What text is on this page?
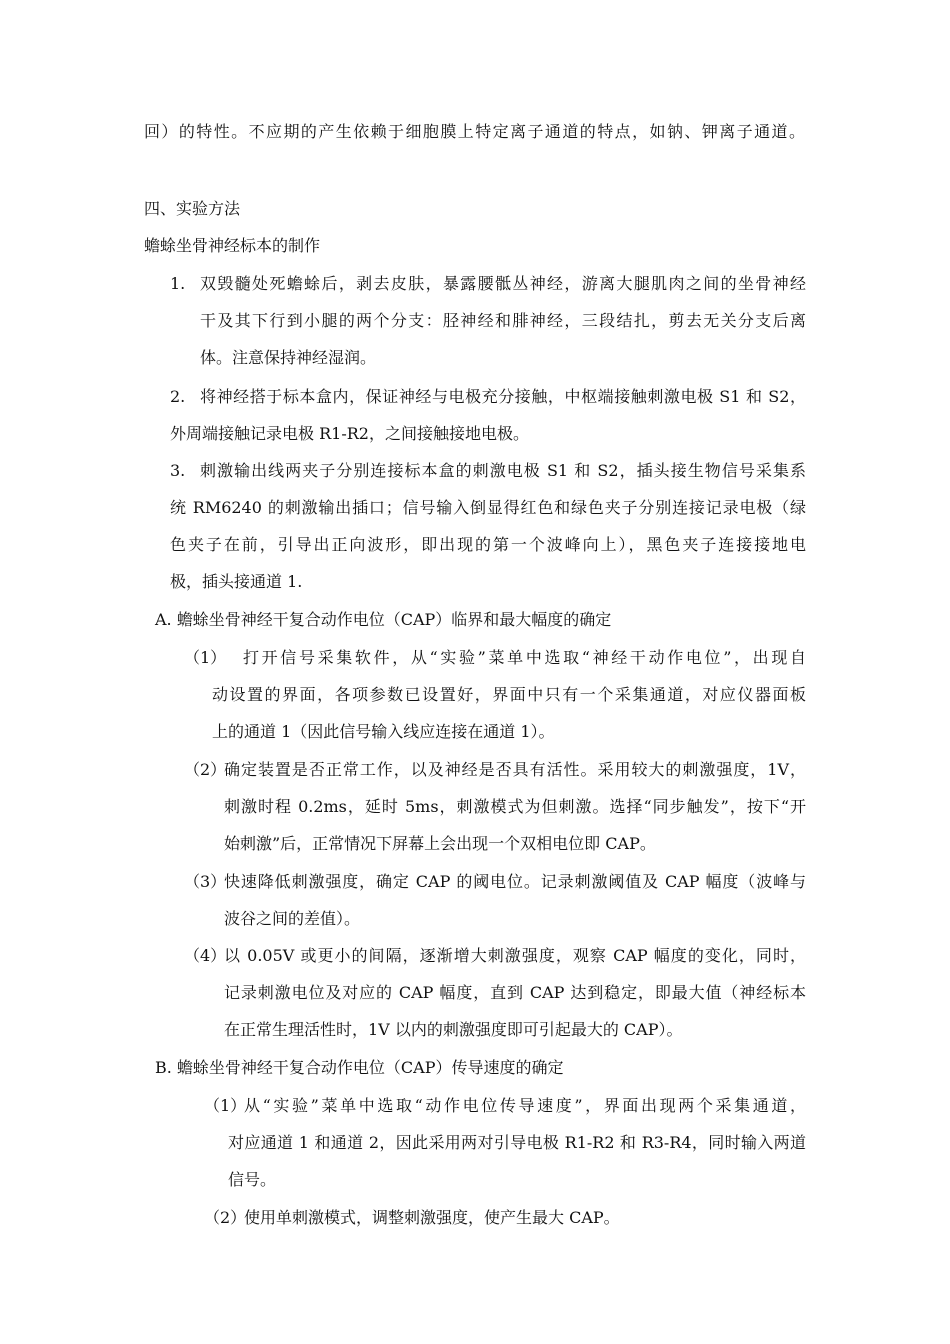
回）的特性。不应期的产生依赖于细胞膜上特定离子通道的特点，如钠、钾离子通道。
四、实验方法
蟾蜍坐骨神经标本的制作
1. 双毁髓处死蟾蜍后，剥去皮肤，暴露腰骶丛神经，游离大腿肌肉之间的坐骨神经
干及其下行到小腿的两个分支：胫神经和腓神经，三段结扎，剪去无关分支后离
体。注意保持神经湿润。
2. 将神经搭于标本盒内，保证神经与电极充分接触，中枢端接触刺激电极 S1 和 S2，
外周端接触记录电极 R1-R2，之间接触接地电极。
3. 刺激输出线两夹子分别连接标本盒的刺激电极 S1 和 S2，插头接生物信号采集系
统 RM6240 的刺激输出插口；信号输入倒显得红色和绿色夹子分别连接记录电极（绿
色夹子在前，引导出正向波形，即出现的第一个波峰向上），黑色夹子连接接地电
极，插头接通道 1.
A. 蟾蜍坐骨神经干复合动作电位（CAP）临界和最大幅度的确定
（1） 打开信号采集软件，从“实验”菜单中选取“神经干动作电位”，出现自
动设置的界面，各项参数已设置好，界面中只有一个采集通道，对应仪器面板
上的通道 1（因此信号输入线应连接在通道 1）。
（2）
确定装置是否正常工作，以及神经是否具有活性。采用较大的刺激强度，1V，
刺激时程 0.2ms，延时 5ms，刺激模式为但刺激。选择“同步触发”，按下“开
始刺激”后，正常情况下屏幕上会出现一个双相电位即 CAP。
（3）
快速降低刺激强度，确定 CAP 的阈电位。记录刺激阈值及 CAP 幅度（波峰与
波谷之间的差值）。
（4）
以 0.05V 或更小的间隔，逐渐增大刺激强度，观察 CAP 幅度的变化，同时，
记录刺激电位及对应的 CAP 幅度，直到 CAP 达到稳定，即最大值（神经标本
在正常生理活性时，1V 以内的刺激强度即可引起最大的 CAP）。
B. 蟾蜍坐骨神经干复合动作电位（CAP）传导速度的确定
（1）
从“实验”菜单中选取“动作电位传导速度”，界面出现两个采集通道，
对应通道 1 和通道 2，因此采用两对引导电极 R1-R2 和 R3-R4，同时输入两道
信号。
（2）
使用单刺激模式，调整刺激强度，使产生最大 CAP。
